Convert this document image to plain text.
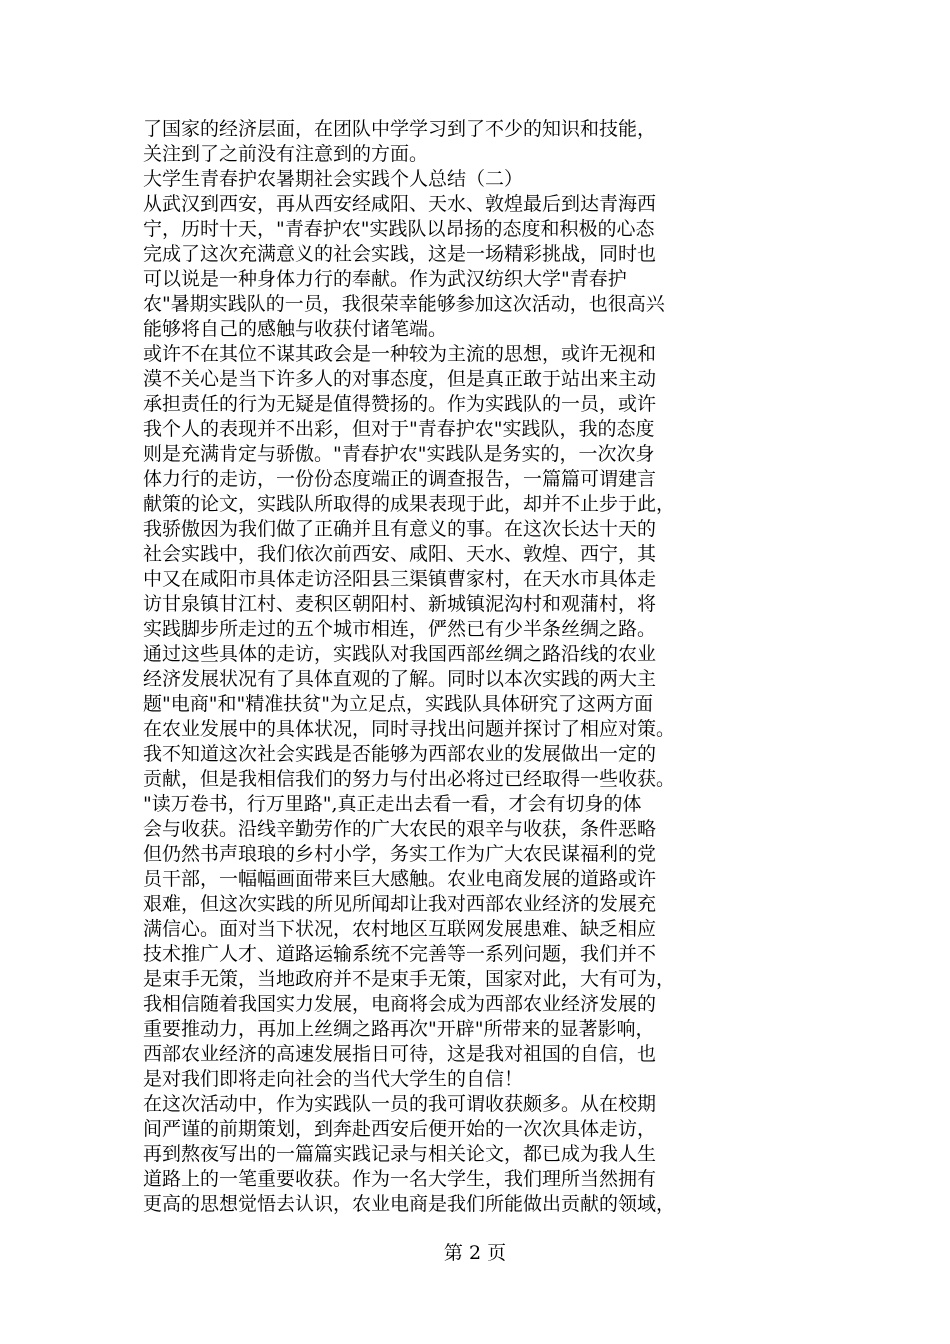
了国家的经济层面，在团队中学学习到了不少的知识和技能，
关注到了之前没有注意到的方面。

大学生青春护农暑期社会实践个人总结（二）

从武汉到西安，再从西安经咸阳、天水、敦煌最后到达青海西
宁，历时十天，"青春护农"实践队以昂扬的态度和积极的心态
完成了这次充满意义的社会实践，这是一场精彩挑战，同时也
可以说是一种身体力行的奉献。作为武汉纺织大学"青春护
农"暑期实践队的一员，我很荣幸能够参加这次活动，也很高兴
能够将自己的感触与收获付诸笔端。

或许不在其位不谋其政会是一种较为主流的思想，或许无视和
漠不关心是当下许多人的对事态度，但是真正敢于站出来主动
承担责任的行为无疑是值得赞扬的。作为实践队的一员，或许
我个人的表现并不出彩，但对于"青春护农"实践队，我的态度
则是充满肯定与骄傲。"青春护农"实践队是务实的，一次次身
体力行的走访，一份份态度端正的调查报告，一篇篇可谓建言
献策的论文，实践队所取得的成果表现于此，却并不止步于此，
我骄傲因为我们做了正确并且有意义的事。在这次长达十天的
社会实践中，我们依次前西安、咸阳、天水、敦煌、西宁，其
中又在咸阳市具体走访泾阳县三渠镇曹家村，在天水市具体走
访甘泉镇甘江村、麦积区朝阳村、新城镇泥沟村和观蒲村，将
实践脚步所走过的五个城市相连，俨然已有少半条丝绸之路。
通过这些具体的走访，实践队对我国西部丝绸之路沿线的农业
经济发展状况有了具体直观的了解。同时以本次实践的两大主
题"电商"和"精准扶贫"为立足点，实践队具体研究了这两方面
在农业发展中的具体状况，同时寻找出问题并探讨了相应对策。
我不知道这次社会实践是否能够为西部农业的发展做出一定的
贡献，但是我相信我们的努力与付出必将过已经取得一些收获。

"读万卷书，行万里路",真正走出去看一看，才会有切身的体
会与收获。沿线辛勤劳作的广大农民的艰辛与收获，条件恶略
但仍然书声琅琅的乡村小学，务实工作为广大农民谋福利的党
员干部，一幅幅画面带来巨大感触。农业电商发展的道路或许
艰难，但这次实践的所见所闻却让我对西部农业经济的发展充
满信心。面对当下状况，农村地区互联网发展患难、缺乏相应
技术推广人才、道路运输系统不完善等一系列问题，我们并不
是束手无策，当地政府并不是束手无策，国家对此，大有可为，
我相信随着我国实力发展，电商将会成为西部农业经济发展的
重要推动力，再加上丝绸之路再次"开辟"所带来的显著影响，
西部农业经济的高速发展指日可待，这是我对祖国的自信，也
是对我们即将走向社会的当代大学生的自信！

在这次活动中，作为实践队一员的我可谓收获颇多。从在校期
间严谨的前期策划，到奔赴西安后便开始的一次次具体走访，
再到熬夜写出的一篇篇实践记录与相关论文，都已成为我人生
道路上的一笔重要收获。作为一名大学生，我们理所当然拥有
更高的思想觉悟去认识，农业电商是我们所能做出贡献的领域，

第 2 页
